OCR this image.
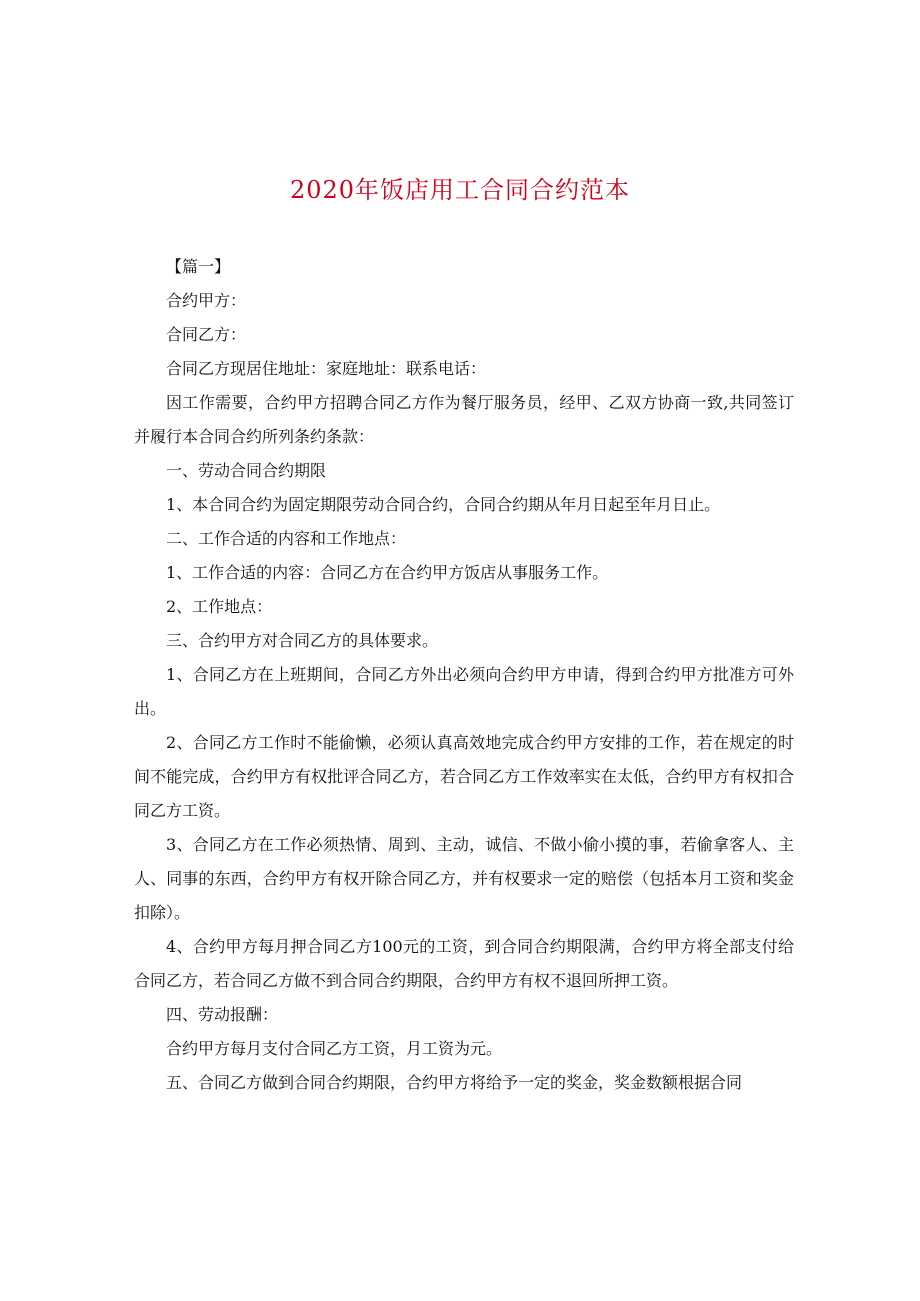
2020年饭店用工合同合约范本

【篇一】

合约甲方：

合同乙方：

合同乙方现居住地址：家庭地址：联系电话：

因工作需要，合约甲方招聘合同乙方作为餐厅服务员，经甲、乙双方协商一致,共同签订并履行本合同合约所列条约条款：

一、劳动合同合约期限

1、本合同合约为固定期限劳动合同合约，合同合约期从年月日起至年月日止。

二、工作合适的内容和工作地点：

1、工作合适的内容：合同乙方在合约甲方饭店从事服务工作。

2、工作地点：

三、合约甲方对合同乙方的具体要求。

1、合同乙方在上班期间，合同乙方外出必须向合约甲方申请，得到合约甲方批准方可外出。

2、合同乙方工作时不能偷懒，必须认真高效地完成合约甲方安排的工作，若在规定的时间不能完成，合约甲方有权批评合同乙方，若合同乙方工作效率实在太低，合约甲方有权扣合同乙方工资。

3、合同乙方在工作必须热情、周到、主动，诚信、不做小偷小摸的事，若偷拿客人、主人、同事的东西，合约甲方有权开除合同乙方，并有权要求一定的赔偿（包括本月工资和奖金扣除）。

4、合约甲方每月押合同乙方100元的工资，到合同合约期限满，合约甲方将全部支付给合同乙方，若合同乙方做不到合同合约期限，合约甲方有权不退回所押工资。

四、劳动报酬：

合约甲方每月支付合同乙方工资，月工资为元。

五、合同乙方做到合同合约期限，合约甲方将给予一定的奖金，奖金数额根据合同
